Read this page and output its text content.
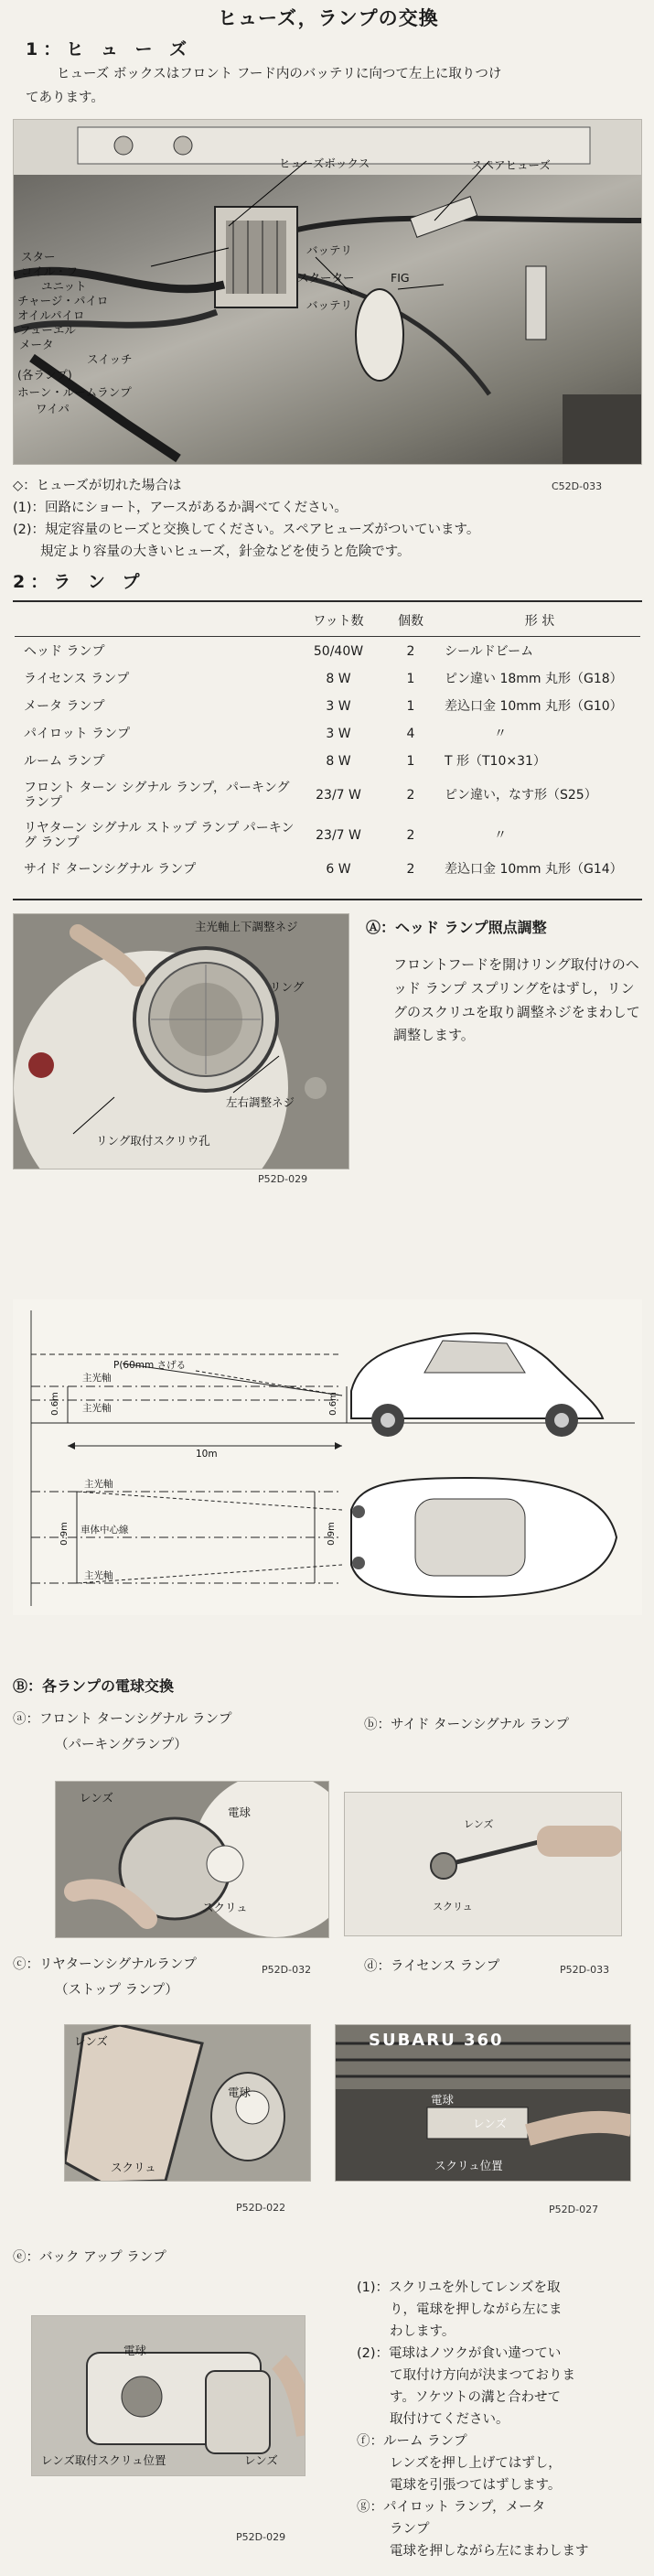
ヒューズ，ランプの交換
1：ヒ ュ ー ズ
ヒューズ ボックスはフロント フード内のバッテリに向つて左上に取りつけ
てあります。
ヒューズボックス	スペアヒューズ
スター
コイル・フ
ユニット
チャージ・パイロ
オイルパイロ
フューエル
メータ
スイッチ
(各ランプ)
ホーン・ルームランプ
ワイパ
バッテリ
スターター	FIG
バッテリ
C52D-033
◇：ヒューズが切れた場合は
(1)：回路にショート，アースがあるか調べてください。
(2)：規定容量のヒーズと交換してください。スペアヒューズがついています。
規定より容量の大きいヒューズ，針金などを使うと危険です。
2：ラ ン プ
	ワット数	個数	形 状
ヘッド ランプ	50/40W	2	シールドビーム
ライセンス ランプ	8 W	1	ピン違い 18mm 丸形（G18）
メータ ランプ	3 W	1	差込口金 10mm 丸形（G10）
パイロット ランプ	3 W	4	〃
ルーム ランプ	8 W	1	T 形（T10×31）
フロント ターン シグナル ランプ，パーキング ランプ	23/7 W	2	ピン違い，なす形（S25）
リヤターン シグナル ストップ ランプ パーキング ランプ	23/7 W	2	〃
サイド ターンシグナル ランプ	6 W	2	差込口金 10mm 丸形（G14）
主光軸上下調整ネジ
リング
左右調整ネジ
リング取付スクリウ孔
P52D-029
Ⓐ：ヘッド ランプ照点調整
フロントフードを開けリング取付けのヘッド ランプ スプリングをはずし，リングのスクリユを取り調整ネジをまわして調整します。
P(60mm さげる
主光軸
主光軸
0.6m	0.6m
10m
主光軸
車体中心線
主光軸
0.9m	0.9m
Ⓑ：各ランプの電球交換
ⓐ：フロント ターンシグナル ランプ
（パーキングランプ）
ⓑ：サイド ターンシグナル ランプ
レンズ
電球
スクリュ
レンズ
スクリュ
ⓒ：リヤターンシグナルランプ
（ストップ ランプ）
P52D-032	ⓓ：ライセンス ランプ	P52D-033
レンズ
電球
スクリュ
P52D-022
SUBARU 360
電球
レンズ
スクリュ位置
P52D-027
ⓔ：バック アップ ランプ
電球
レンズ取付スクリュ位置	レンズ
P52D-029
(1)：スクリユを外してレンズを取
り，電球を押しながら左にま
わします。
(2)：電球はノツクが食い違つてい
て取付け方向が決まつておりま
す。ソケツトの溝と合わせて
取付けてください。
ⓕ：ルーム ランプ
レンズを押し上げてはずし，
電球を引張つてはずします。
ⓖ：パイロット ランプ，メータ
ランプ
電球を押しながら左にまわします
